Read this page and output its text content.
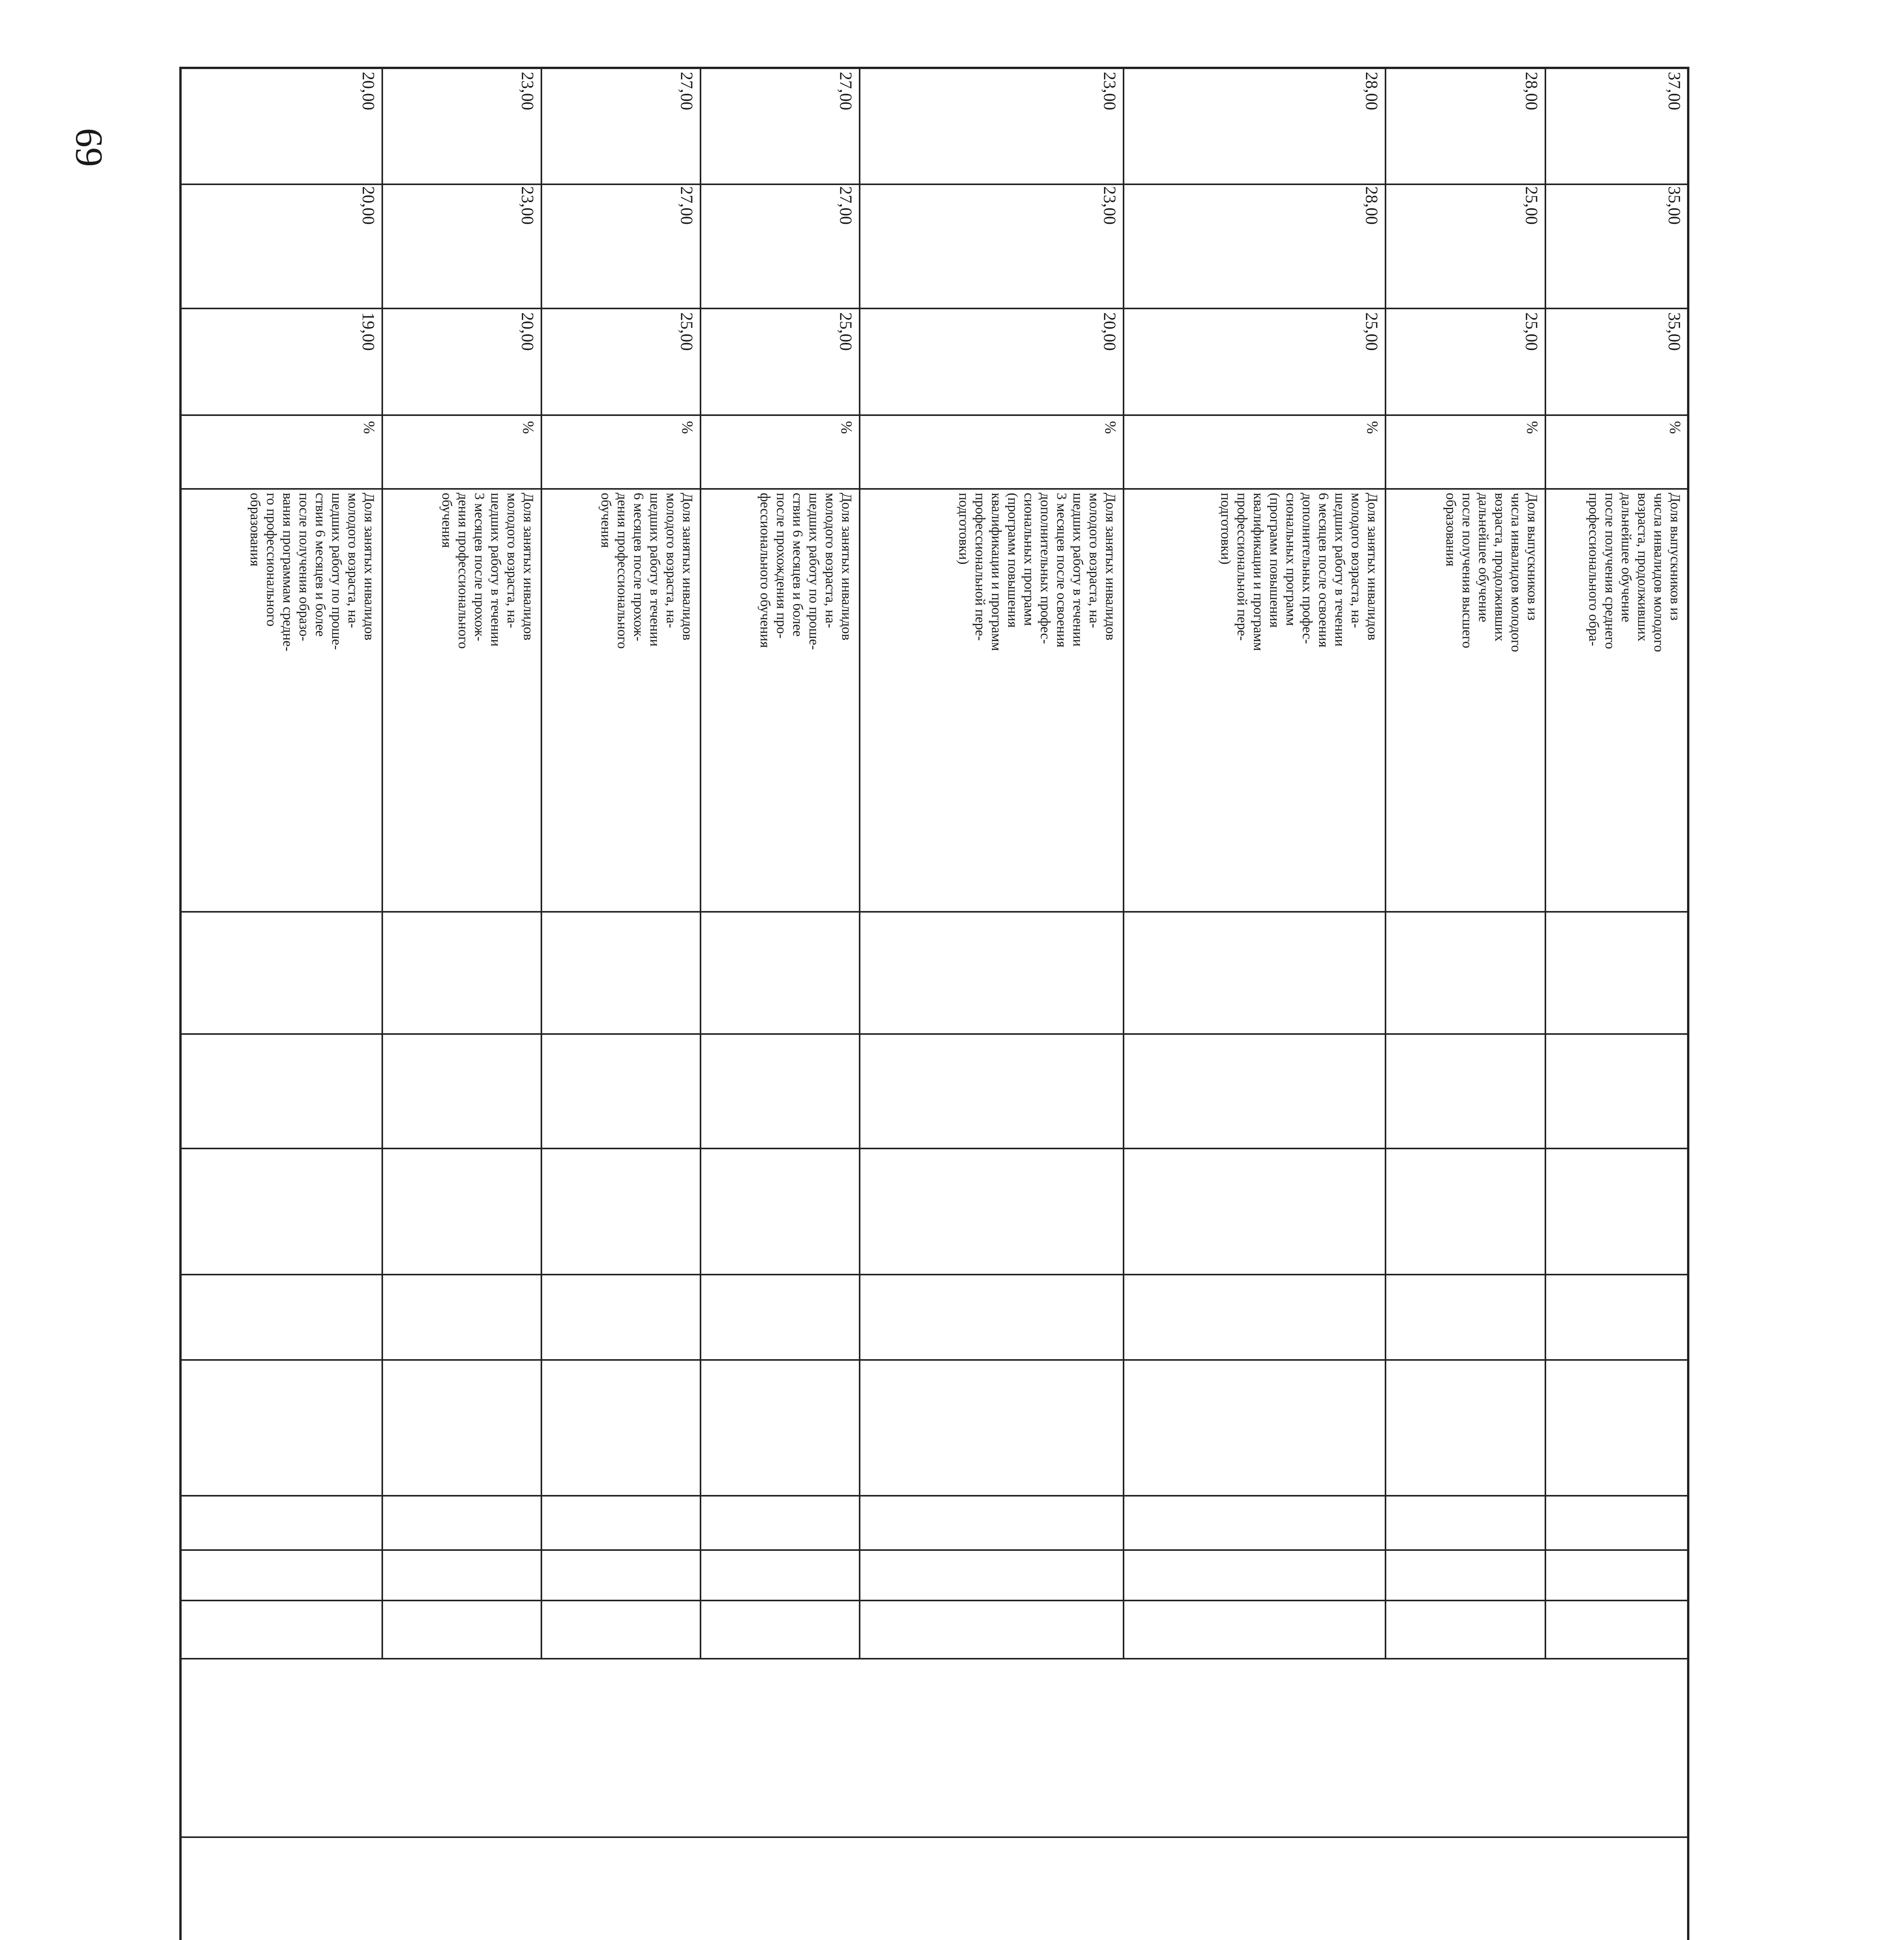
69
19,00
20,00
20,00
%
Доля занятых инвалидов
молодого возраста, на-
шедших работу по проше-
ствии 6 месяцев и более
после получения образо-
вания программам средне-
го профессионального
образования
20,00
23,00
23,00
%
Доля занятых инвалидов
молодого возраста, на-
шедших работу в течении
3 месяцев после прохож-
дения профессионального
обучения
25,00
27,00
27,00
%
Доля занятых инвалидов
молодого возраста, на-
шедших работу в течении
6 месяцев после прохож-
дения профессионального
обучения
25,00
27,00
27,00
%
Доля занятых инвалидов
молодого возраста, на-
шедших работу по проше-
ствии 6 месяцев и более
после прохождения про-
фессионального обучения
20,00
23,00
23,00
%
Доля занятых инвалидов
молодого возраста, на-
шедших работу в течении
3 месяцев после освоения
дополнительных профес-
сиональных программ
(программ повышения
квалификации и программ
профессиональной пере-
подготовки)
25,00
28,00
28,00
%
Доля занятых инвалидов
молодого возраста, на-
шедших работу в течении
6 месяцев после освоения
дополнительных профес-
сиональных программ
(программ повышения
квалификации и программ
профессиональной пере-
подготовки)
25,00
25,00
28,00
%
Доля выпускников из
числа инвалидов молодого
возраста, продолживших
дальнейшее обучение
после получения высшего
образования
35,00
35,00
37,00
%
Доля выпускников из
числа инвалидов молодого
возраста, продолживших
дальнейшее обучение
после получения среднего
профессионального обра-
